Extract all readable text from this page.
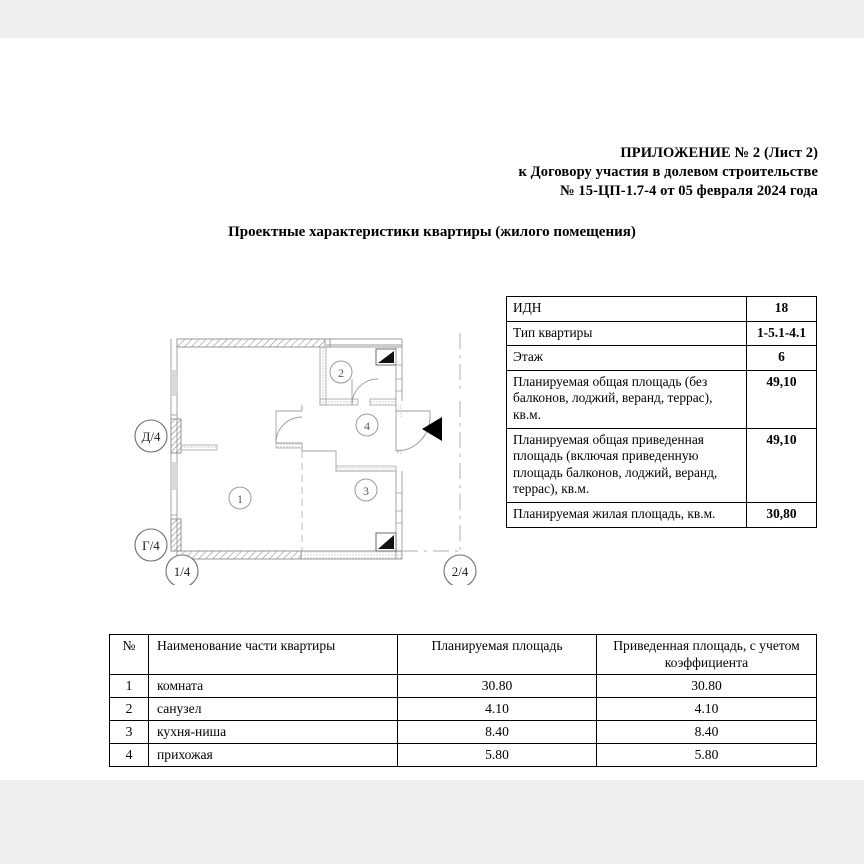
ПРИЛОЖЕНИЕ № 2 (Лист 2)
к Договору участия в долевом строительстве
№ 15-ЦП-1.7-4 от 05 февраля 2024 года
Проектные характеристики квартиры (жилого помещения)
Д/4
Г/4
1/4	2/4
1
2
3
4
ИДН	18
Тип квартиры	1-5.1-4.1
Этаж	6
Планируемая общая площадь (без балконов, лоджий, веранд, террас), кв.м.	49,10
Планируемая общая приведенная площадь (включая приведенную площадь балконов, лоджий, веранд, террас), кв.м.	49,10
Планируемая жилая площадь, кв.м.	30,80
№	Наименование части квартиры	Планируемая площадь	Приведенная площадь, с учетом коэффициента
1	комната	30.80	30.80
2	санузел	4.10	4.10
3	кухня-ниша	8.40	8.40
4	прихожая	5.80	5.80
